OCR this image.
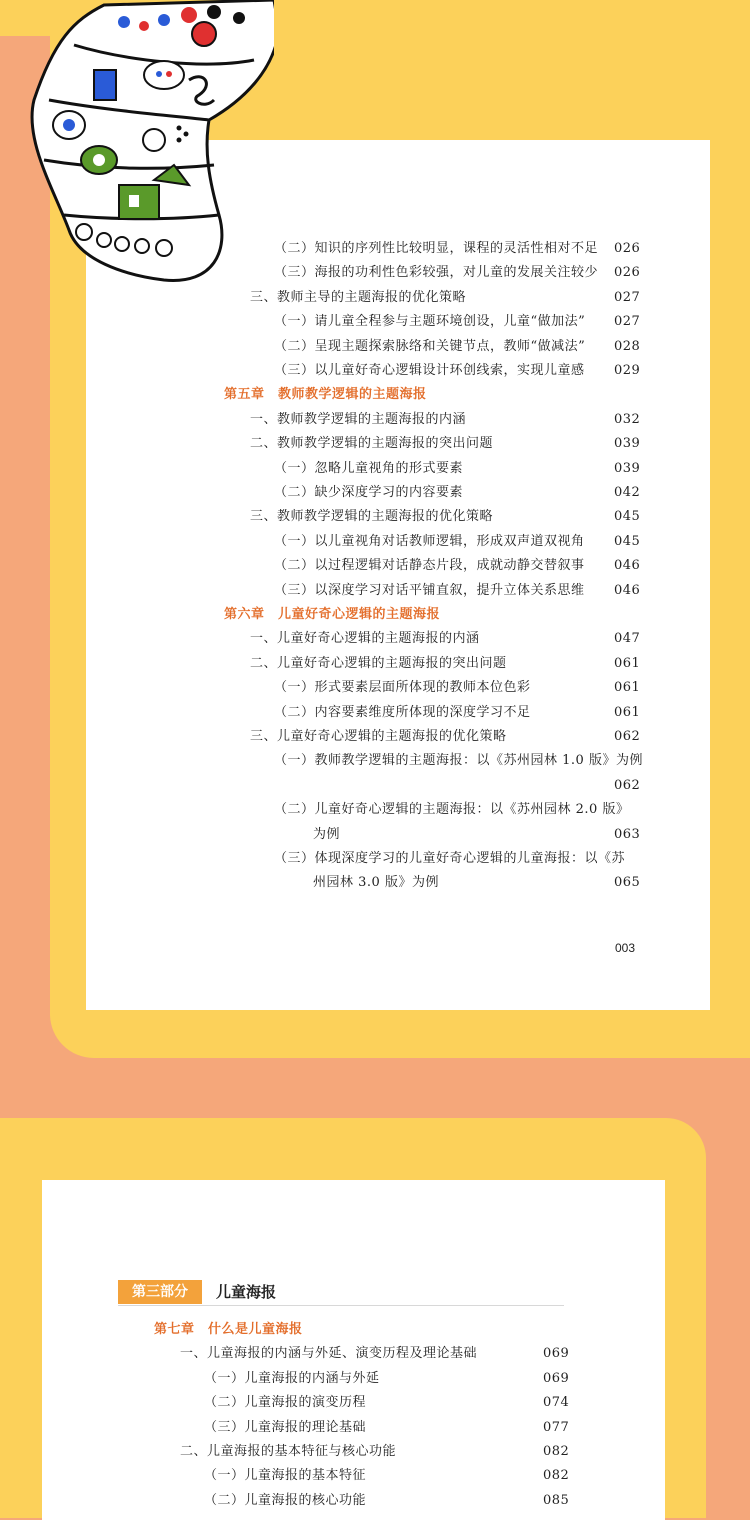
（二）知识的序列性比较明显，课程的灵活性相对不足 026
（三）海报的功利性色彩较强，对儿童的发展关注较少 026
三、教师主导的主题海报的优化策略	027
（一）请儿童全程参与主题环境创设，儿童“做加法” 027
（二）呈现主题探索脉络和关键节点，教师“做减法” 028
（三）以儿童好奇心逻辑设计环创线索，实现儿童感 029
第五章　教师教学逻辑的主题海报
一、教师教学逻辑的主题海报的内涵	032
二、教师教学逻辑的主题海报的突出问题	039
（一）忽略儿童视角的形式要素	039
（二）缺少深度学习的内容要素	042
三、教师教学逻辑的主题海报的优化策略	045
（一）以儿童视角对话教师逻辑，形成双声道双视角 045
（二）以过程逻辑对话静态片段，成就动静交替叙事 046
（三）以深度学习对话平铺直叙，提升立体关系思维 046
第六章　儿童好奇心逻辑的主题海报
一、儿童好奇心逻辑的主题海报的内涵	047
二、儿童好奇心逻辑的主题海报的突出问题	061
（一）形式要素层面所体现的教师本位色彩	061
（二）内容要素维度所体现的深度学习不足	061
三、儿童好奇心逻辑的主题海报的优化策略	062
（一）教师教学逻辑的主题海报：以《苏州园林 1.0 版》为例
062
（二）儿童好奇心逻辑的主题海报：以《苏州园林 2.0 版》
为例	063
（三）体现深度学习的儿童好奇心逻辑的儿童海报：以《苏
州园林 3.0 版》为例	065
003
第三部分	儿童海报
第七章　什么是儿童海报
一、儿童海报的内涵与外延、演变历程及理论基础	069
（一）儿童海报的内涵与外延	069
（二）儿童海报的演变历程	074
（三）儿童海报的理论基础	077
二、儿童海报的基本特征与核心功能	082
（一）儿童海报的基本特征	082
（二）儿童海报的核心功能	085
